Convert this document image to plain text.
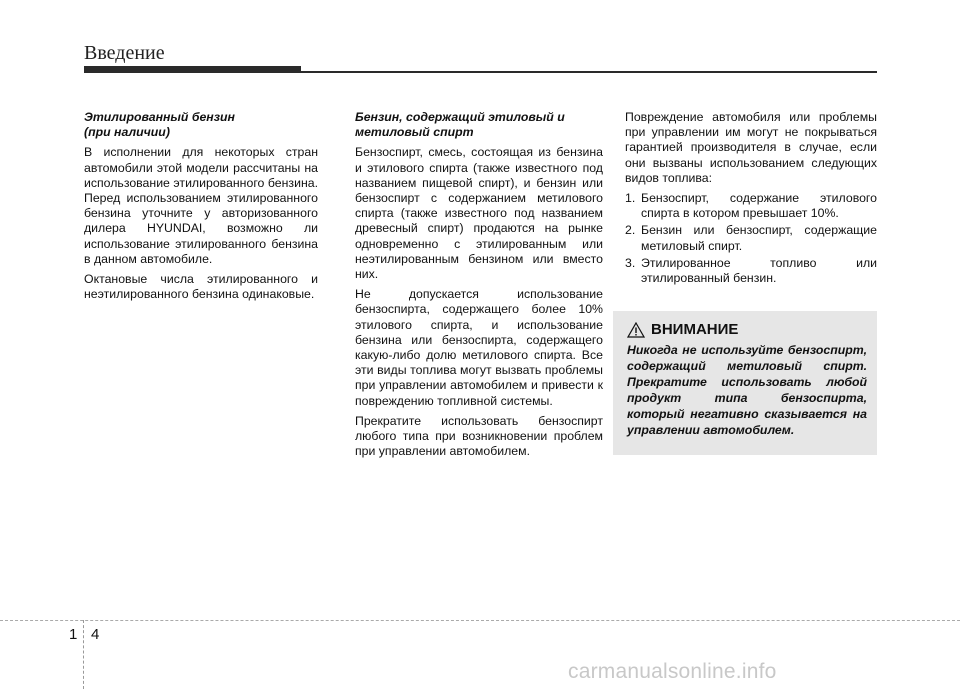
Введение
Этилированный бензин
(при наличии)

В исполнении для некоторых стран автомобили этой модели рассчитаны на использование этилированного бензина. Перед использованием этилированного бензина уточните у авторизованного дилера HYUNDAI, возможно ли использование этилированного бензина в данном автомобиле.

Октановые числа этилированного и неэтилированного бензина одинаковые.

Бензин, содержащий этиловый и
метиловый спирт

Бензоспирт, смесь, состоящая из бензина и этилового спирта (также известного под названием пищевой спирт), и бензин или бензоспирт с содержанием метилового спирта (также известного под названием древесный спирт) продаются на рынке одновременно с этилированным или неэтилированным бензином или вместо них.

Не допускается использование бензоспирта, содержащего более 10% этилового спирта, и использование бензина или бензоспирта, содержащего какую-либо долю метилового спирта. Все эти виды топлива могут вызвать проблемы при управлении автомобилем и привести к повреждению топливной системы.

Прекратите использовать бензоспирт любого типа при возникновении проблем при управлении автомобилем.

Повреждение автомобиля или проблемы при управлении им могут не покрываться гарантией производителя в случае, если они вызваны использованием следующих видов топлива:

1. Бензоспирт, содержание этилового спирта в котором превышает 10%.
2. Бензин или бензоспирт, содержащие метиловый спирт.
3. Этилированное топливо или этилированный бензин.
ВНИМАНИЕ

Никогда не используйте бензоспирт, содержащий метиловый спирт. Прекратите использовать любой продукт типа бензоспирта, который негативно сказывается на управлении автомобилем.

1 4
carmanualsonline.info
